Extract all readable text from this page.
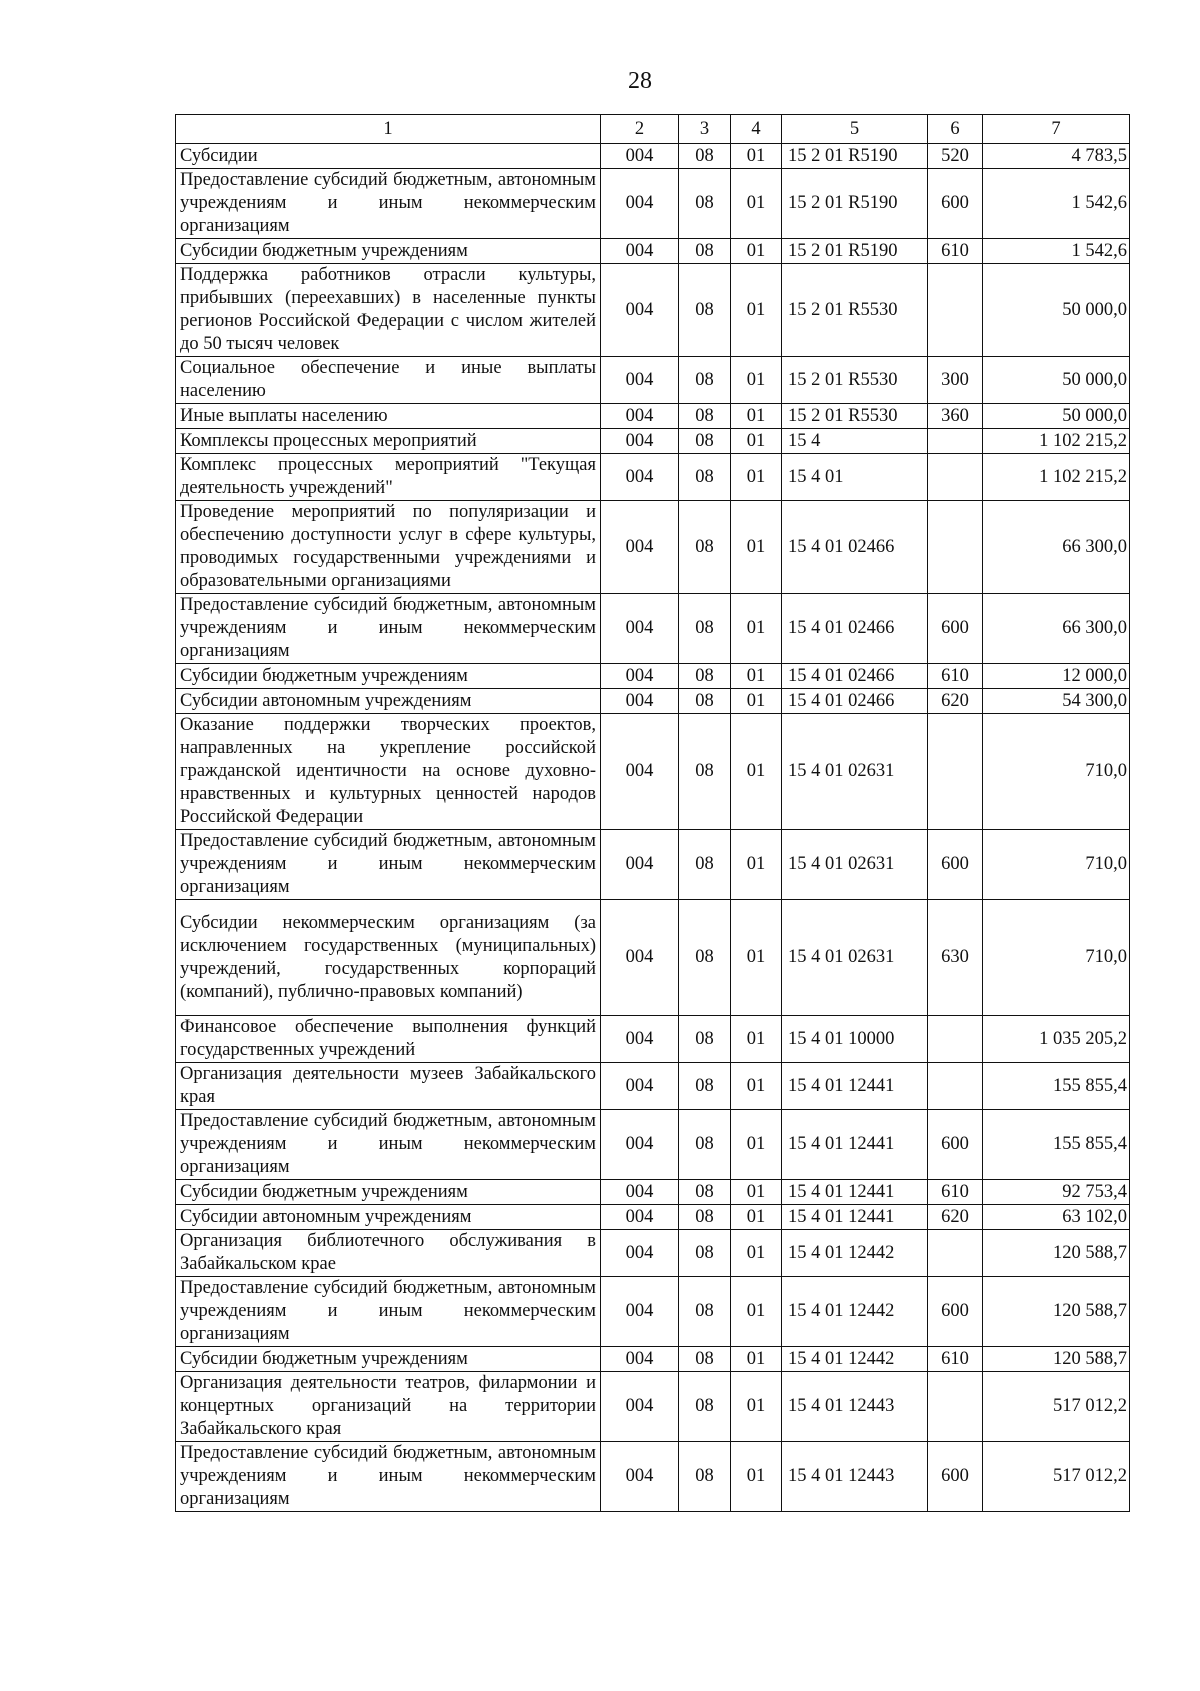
28
1	2	3	4	5	6	7
Субсидии	004	08	01	15 2 01 R5190	520	4 783,5
Предоставление субсидий бюджетным, автономным учреждениям и иным некоммерческим организациям	004	08	01	15 2 01 R5190	600	1 542,6
Субсидии бюджетным учреждениям	004	08	01	15 2 01 R5190	610	1 542,6
Поддержка работников отрасли культуры, прибывших (переехавших) в населенные пункты регионов Российской Федерации с числом жителей до 50 тысяч человек	004	08	01	15 2 01 R5530		50 000,0
Социальное обеспечение и иные выплаты населению	004	08	01	15 2 01 R5530	300	50 000,0
Иные выплаты населению	004	08	01	15 2 01 R5530	360	50 000,0
Комплексы процессных мероприятий	004	08	01	15 4		1 102 215,2
Комплекс процессных мероприятий "Текущая деятельность учреждений"	004	08	01	15 4 01		1 102 215,2
Проведение мероприятий по популяризации и обеспечению доступности услуг в сфере культуры, проводимых государственными учреждениями и образовательными организациями	004	08	01	15 4 01 02466		66 300,0
Предоставление субсидий бюджетным, автономным учреждениям и иным некоммерческим организациям	004	08	01	15 4 01 02466	600	66 300,0
Субсидии бюджетным учреждениям	004	08	01	15 4 01 02466	610	12 000,0
Субсидии автономным учреждениям	004	08	01	15 4 01 02466	620	54 300,0
Оказание поддержки творческих проектов, направленных на укрепление российской гражданской идентичности на основе духовно-нравственных и культурных ценностей народов Российской Федерации	004	08	01	15 4 01 02631		710,0
Предоставление субсидий бюджетным, автономным учреждениям и иным некоммерческим организациям	004	08	01	15 4 01 02631	600	710,0
Субсидии некоммерческим организациям (за исключением государственных (муниципальных) учреждений, государственных корпораций (компаний), публично-правовых компаний)	004	08	01	15 4 01 02631	630	710,0
Финансовое обеспечение выполнения функций государственных учреждений	004	08	01	15 4 01 10000		1 035 205,2
Организация деятельности музеев Забайкальского края	004	08	01	15 4 01 12441		155 855,4
Предоставление субсидий бюджетным, автономным учреждениям и иным некоммерческим организациям	004	08	01	15 4 01 12441	600	155 855,4
Субсидии бюджетным учреждениям	004	08	01	15 4 01 12441	610	92 753,4
Субсидии автономным учреждениям	004	08	01	15 4 01 12441	620	63 102,0
Организация библиотечного обслуживания в Забайкальском крае	004	08	01	15 4 01 12442		120 588,7
Предоставление субсидий бюджетным, автономным учреждениям и иным некоммерческим организациям	004	08	01	15 4 01 12442	600	120 588,7
Субсидии бюджетным учреждениям	004	08	01	15 4 01 12442	610	120 588,7
Организация деятельности театров, филармонии и концертных организаций на территории Забайкальского края	004	08	01	15 4 01 12443		517 012,2
Предоставление субсидий бюджетным, автономным учреждениям и иным некоммерческим организациям	004	08	01	15 4 01 12443	600	517 012,2
